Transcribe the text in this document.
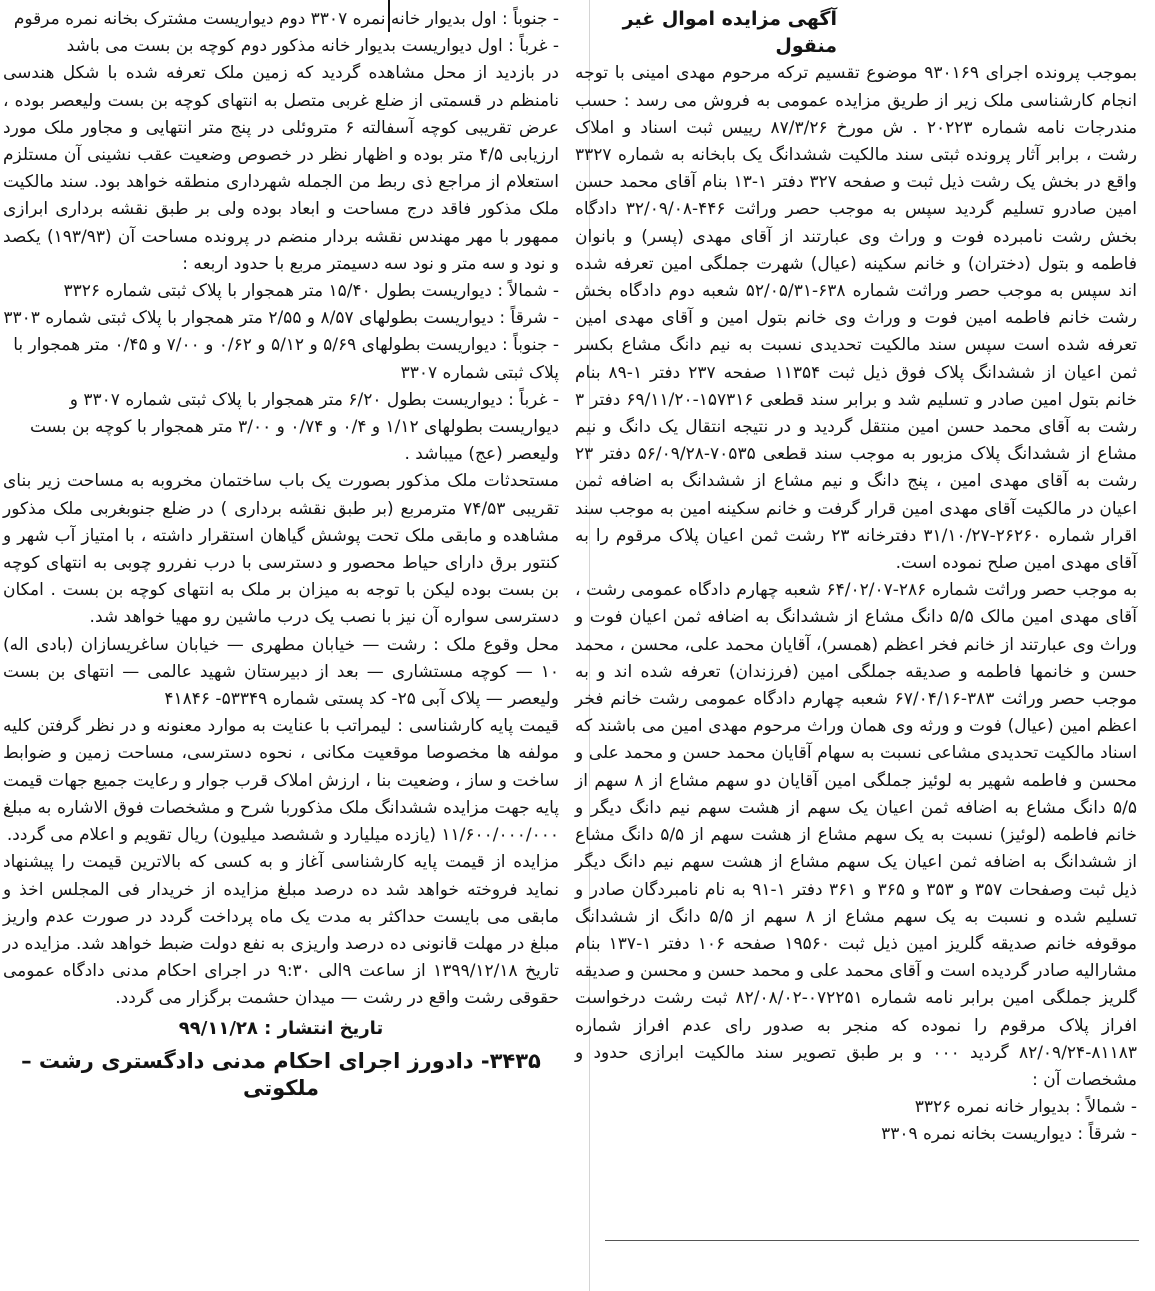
آگهی مزایده اموال غیر منقول

بموجب پرونده اجرای ۹۳۰۱۶۹ موضوع تقسیم ترکه مرحوم مهدی امینی با توجه انجام کارشناسی ملک زیر از طریق مزایده عمومی به فروش می رسد : حسب مندرجات نامه شماره ۲۰۲۲۳ . ش مورخ ۸۷/۳/۲۶ رییس ثبت اسناد و املاک رشت ، برابر آثار پرونده ثبتی سند مالکیت ششدانگ یک بابخانه به شماره ۳۳۲۷ واقع در بخش یک رشت ذیل ثبت و صفحه ۳۲۷ دفتر ۱-۱۳ بنام آقای محمد حسن امین صادرو تسلیم گردید سپس به موجب حصر وراثت ۴۴۶-۳۲/۰۹/۰۸ دادگاه بخش رشت نامبرده فوت و وراث وی عبارتند از آقای مهدی (پسر) و بانوان فاطمه و بتول (دختران) و خانم سکینه (عیال) شهرت جملگی امین تعرفه شده اند سپس به موجب حصر وراثت شماره ۶۳۸-۵۲/۰۵/۳۱ شعبه دوم دادگاه بخش رشت خانم فاطمه امین فوت و وراث وی خانم بتول امین و آقای مهدی امین تعرفه شده است سپس سند مالکیت تحدیدی نسبت به نیم دانگ مشاع بکسر ثمن اعیان از ششدانگ پلاک فوق ذیل ثبت ۱۱۳۵۴ صفحه ۲۳۷ دفتر ۱-۸۹ بنام خانم بتول امین صادر و تسلیم شد و برابر سند قطعی ۱۵۷۳۱۶-۶۹/۱۱/۲۰ دفتر ۳ رشت به آقای محمد حسن امین منتقل گردید و در نتیجه انتقال یک دانگ و نیم مشاع از ششدانگ پلاک مزبور به موجب سند قطعی ۷۰۵۳۵-۵۶/۰۹/۲۸ دفتر ۲۳ رشت به آقای مهدی امین ، پنج دانگ و نیم مشاع از ششدانگ به اضافه ثمن اعیان در مالکیت آقای مهدی امین قرار گرفت و خانم سکینه امین به موجب سند اقرار شماره ۲۶۲۶۰-۳۱/۱۰/۲۷ دفترخانه ۲۳ رشت ثمن اعیان پلاک مرقوم را به آقای مهدی امین صلح نموده است.

به موجب حصر وراثت شماره ۲۸۶-۶۴/۰۲/۰۷ شعبه چهارم دادگاه عمومی رشت ، آقای مهدی امین مالک ۵/۵ دانگ مشاع از ششدانگ به اضافه ثمن اعیان فوت و وراث وی عبارتند از خانم فخر اعظم (همسر)، آقایان محمد علی، محسن ، محمد حسن و خانمها فاطمه و صدیقه جملگی امین (فرزندان) تعرفه شده اند و به موجب حصر وراثت ۳۸۳-۶۷/۰۴/۱۶ شعبه چهارم دادگاه عمومی رشت خانم فخر اعظم امین (عیال) فوت و ورثه وی همان وراث مرحوم مهدی امین می باشند که اسناد مالکیت تحدیدی مشاعی نسبت به سهام آقایان محمد حسن و محمد علی و محسن و فاطمه شهیر به لوئیز جملگی امین آقایان دو سهم مشاع از ۸ سهم از ۵/۵ دانگ مشاع به اضافه ثمن اعیان یک سهم از هشت سهم نیم دانگ دیگر و خانم فاطمه (لوئیز) نسبت به یک سهم مشاع از هشت سهم از ۵/۵ دانگ مشاع از ششدانگ به اضافه ثمن اعیان یک سهم مشاع از هشت سهم نیم دانگ دیگر ذیل ثبت وصفحات ۳۵۷ و ۳۵۳ و ۳۶۵ و ۳۶۱ دفتر ۱-۹۱ به نام نامبردگان صادر و تسلیم شده و نسبت به یک سهم مشاع از ۸ سهم از ۵/۵ دانگ از ششدانگ موقوفه خانم صدیقه گلریز امین ذیل ثبت ۱۹۵۶۰ صفحه ۱۰۶ دفتر ۱-۱۳۷ بنام مشارالیه صادر گردیده است و آقای محمد علی و محمد حسن و محسن و صدیقه گلریز جملگی امین برابر نامه شماره ۰۷۲۲۵۱-۸۲/۰۸/۰۲ ثبت رشت درخواست افراز پلاک مرقوم را نموده که منجر به صدور رای عدم افراز شماره ۸۱۱۸۳-۸۲/۰۹/۲۴ گردید ۰۰۰ و بر طبق تصویر سند مالکیت ابرازی حدود و مشخصات آن :

- شمالاً : بدیوار خانه نمره ۳۳۲۶

- شرقاً : دیواریست بخانه نمره ۳۳۰۹

- جنوباً : اول بدیوار خانه نمره ۳۳۰۷ دوم دیواریست مشترک بخانه نمره مرقوم

- غرباً : اول دیواریست بدیوار خانه مذکور دوم کوچه بن بست می باشد

در بازدید از محل مشاهده گردید که زمین ملک تعرفه شده با شکل هندسی نامنظم در قسمتی از ضلع غربی متصل به انتهای کوچه بن بست ولیعصر بوده ، عرض تقریبی کوچه آسفالته ۶ متروئلی در پنج متر انتهایی و مجاور ملک مورد ارزیابی ۴/۵ متر بوده و اظهار نظر در خصوص وضعیت عقب نشینی آن مستلزم استعلام از مراجع ذی ربط من الجمله شهرداری منطقه خواهد بود. سند مالکیت ملک مذکور فاقد درج مساحت و ابعاد بوده ولی بر طبق نقشه برداری ابرازی ممهور با مهر مهندس نقشه بردار منضم در پرونده مساحت آن (۱۹۳/۹۳) یکصد و نود و سه متر و نود سه دسیمتر مربع با حدود اربعه :

- شمالاً : دیواریست بطول ۱۵/۴۰ متر همجوار با پلاک ثبتی شماره ۳۳۲۶

- شرقاً : دیواریست بطولهای ۸/۵۷ و ۲/۵۵ متر همجوار با پلاک ثبتی شماره ۳۳۰۳

- جنوباً : دیواریست بطولهای ۵/۶۹ و ۵/۱۲ و ۰/۶۲ و ۷/۰۰ و ۰/۴۵ متر همجوار با پلاک ثبتی شماره ۳۳۰۷

- غرباً : دیواریست بطول ۶/۲۰ متر همجوار با پلاک ثبتی شماره ۳۳۰۷ و دیواریست بطولهای ۱/۱۲ و ۰/۴ و ۰/۷۴ و ۳/۰۰ متر همجوار با کوچه بن بست ولیعصر (عج) میباشد .

مستحدثات ملک مذکور بصورت یک باب ساختمان مخروبه به مساحت زیر بنای تقریبی ۷۴/۵۳ مترمربع (بر طبق نقشه برداری ) در ضلع جنوبغربی ملک مذکور مشاهده و مابقی ملک تحت پوشش گیاهان استقرار داشته ، با امتیاز آب شهر و کنتور برق دارای حیاط محصور و دسترسی با درب نفررو چوبی به انتهای کوچه بن بست بوده لیکن با توجه به میزان بر ملک به انتهای کوچه بن بست . امکان دسترسی سواره آن نیز با نصب یک درب ماشین رو مهیا خواهد شد.

محل وقوع ملک : رشت — خیابان مطهری — خیابان ساغریسازان (بادی اله) ۱۰ — کوچه مستشاری — بعد از دبیرستان شهید عالمی — انتهای بن بست ولیعصر — پلاک آبی ۲۵- کد پستی شماره ۵۳۳۴۹- ۴۱۸۴۶

قیمت پایه کارشناسی : لیمراتب با عنایت به موارد معنونه و در نظر گرفتن کلیه مولفه ها مخصوصا موقعیت مکانی ، نحوه دسترسی، مساحت زمین و ضوابط ساخت و ساز ، وضعیت بنا ، ارزش املاک قرب جوار و رعایت جمیع جهات قیمت پایه جهت مزایده ششدانگ ملک مذکوربا شرح و مشخصات فوق الاشاره به مبلغ ۱۱/۶۰۰/۰۰۰/۰۰۰ (یازده میلیارد و ششصد میلیون) ریال تقویم و اعلام می گردد.

مزایده از قیمت پایه کارشناسی آغاز و به کسی که بالاترین قیمت را پیشنهاد نماید فروخته خواهد شد ده درصد مبلغ مزایده از خریدار فی المجلس اخذ و مابقی می بایست حداکثر به مدت یک ماه پرداخت گردد در صورت عدم واریز مبلغ در مهلت قانونی ده درصد واریزی به نفع دولت ضبط خواهد شد. مزایده در تاریخ ۱۳۹۹/۱۲/۱۸ از ساعت ۹الی ۹:۳۰ در اجرای احکام مدنی دادگاه عمومی حقوقی رشت واقع در رشت — میدان حشمت برگزار می گردد.

تاریخ انتشار : ۹۹/۱۱/۲۸

۳۴۳۵- دادورز اجرای احکام مدنی دادگستری رشت – ملکوتی
